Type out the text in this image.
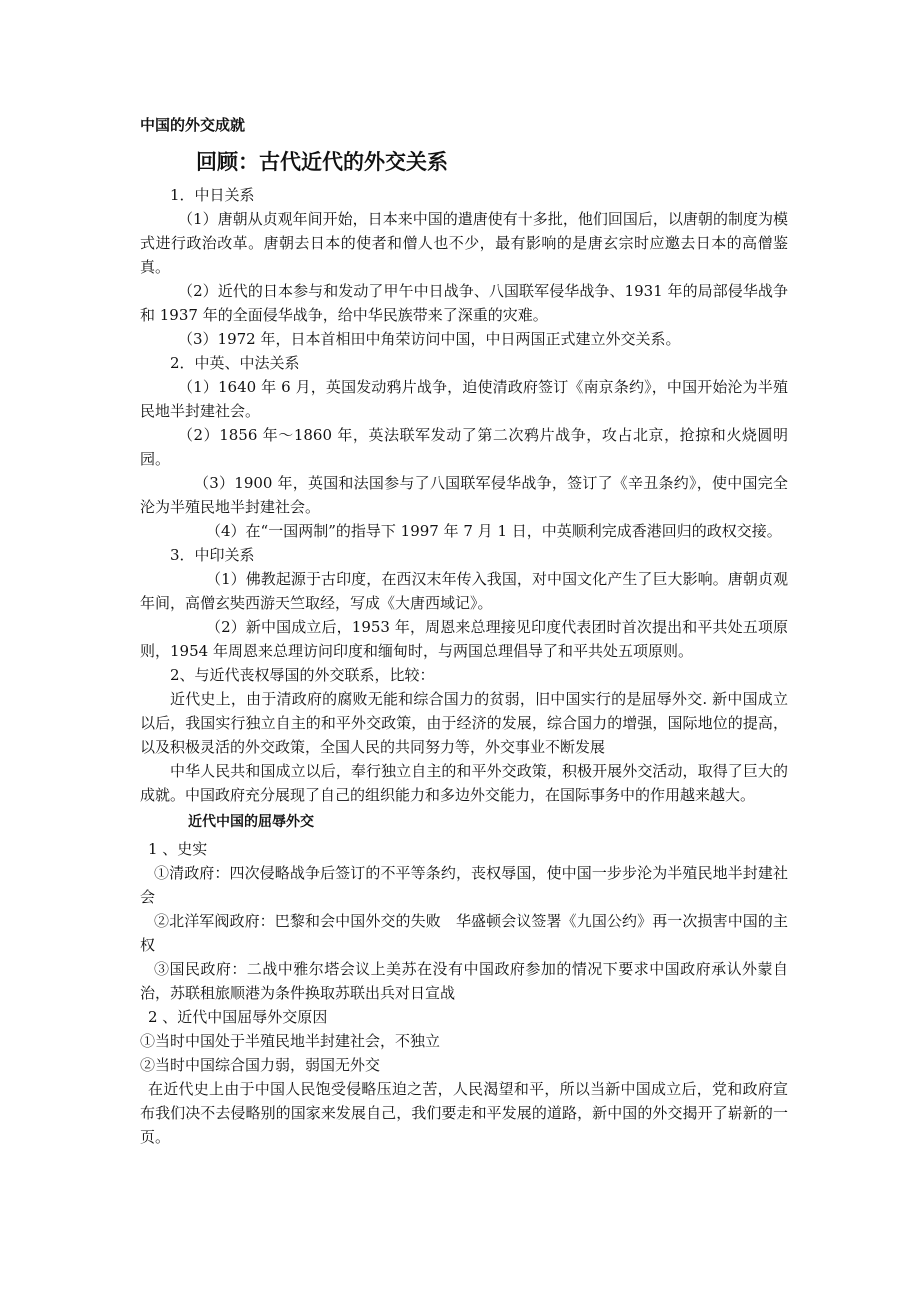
中国的外交成就
回顾：古代近代的外交关系

1．中日关系

（1）唐朝从贞观年间开始，日本来中国的遣唐使有十多批，他们回国后，以唐朝的制度为模式进行政治改革。唐朝去日本的使者和僧人也不少，最有影响的是唐玄宗时应邀去日本的高僧鉴真。

（2）近代的日本参与和发动了甲午中日战争、八国联军侵华战争、1931 年的局部侵华战争和 1937 年的全面侵华战争，给中华民族带来了深重的灾难。

（3）1972 年，日本首相田中角荣访问中国，中日两国正式建立外交关系。

2．中英、中法关系

（1）1640 年 6 月，英国发动鸦片战争，迫使清政府签订《南京条约》，中国开始沦为半殖民地半封建社会。

（2）1856 年～1860 年，英法联军发动了第二次鸦片战争，攻占北京，抢掠和火烧圆明园。

（3）1900 年，英国和法国参与了八国联军侵华战争，签订了《辛丑条约》，使中国完全沦为半殖民地半封建社会。

（4）在“一国两制”的指导下 1997 年 7 月 1 日，中英顺利完成香港回归的政权交接。

3．中印关系

（1）佛教起源于古印度，在西汉末年传入我国，对中国文化产生了巨大影响。唐朝贞观年间，高僧玄奘西游天竺取经，写成《大唐西域记》。

（2）新中国成立后，1953 年，周恩来总理接见印度代表团时首次提出和平共处五项原则，1954 年周恩来总理访问印度和缅甸时，与两国总理倡导了和平共处五项原则。

2、与近代丧权辱国的外交联系，比较：

近代史上，由于清政府的腐败无能和综合国力的贫弱，旧中国实行的是屈辱外交. 新中国成立以后，我国实行独立自主的和平外交政策，由于经济的发展，综合国力的增强，国际地位的提高，以及积极灵活的外交政策，全国人民的共同努力等，外交事业不断发展

中华人民共和国成立以后，奉行独立自主的和平外交政策，积极开展外交活动，取得了巨大的成就。中国政府充分展现了自己的组织能力和多边外交能力，在国际事务中的作用越来越大。

近代中国的屈辱外交

1 、史实

①清政府：四次侵略战争后签订的不平等条约，丧权辱国，使中国一步步沦为半殖民地半封建社会

②北洋军阀政府：巴黎和会中国外交的失败　华盛顿会议签署《九国公约》再一次损害中国的主权

③国民政府：二战中雅尔塔会议上美苏在没有中国政府参加的情况下要求中国政府承认外蒙自治，苏联租旅顺港为条件换取苏联出兵对日宣战

2 、近代中国屈辱外交原因

①当时中国处于半殖民地半封建社会，不独立

②当时中国综合国力弱，弱国无外交

在近代史上由于中国人民饱受侵略压迫之苦，人民渴望和平，所以当新中国成立后，党和政府宣布我们决不去侵略别的国家来发展自己，我们要走和平发展的道路，新中国的外交揭开了崭新的一页。
